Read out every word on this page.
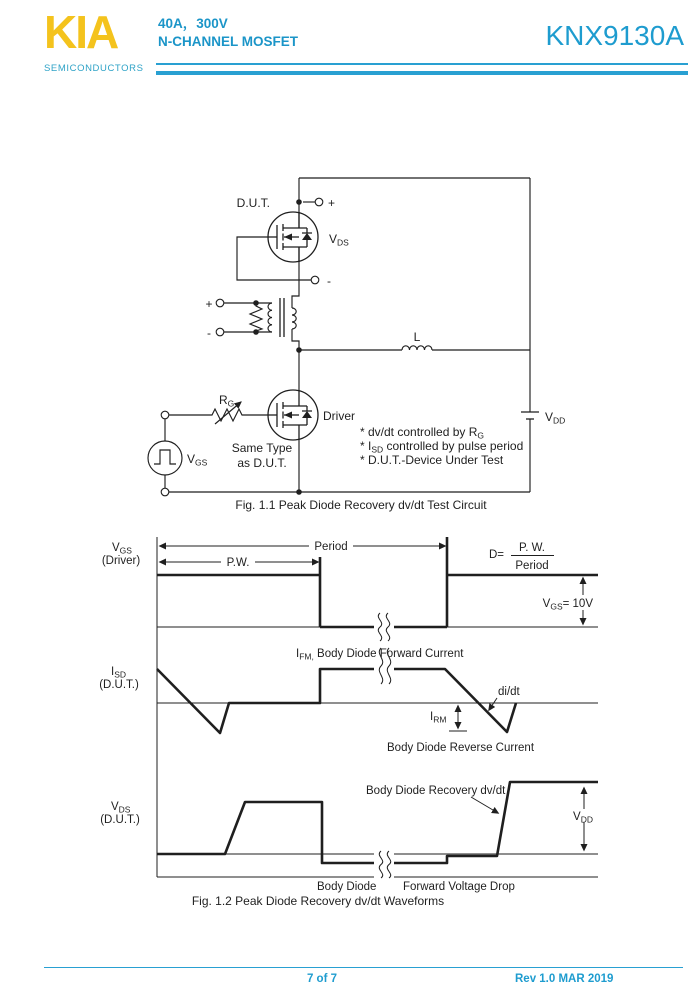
KIA
SEMICONDUCTORS
40A，300V
N-CHANNEL MOSFET	KNX9130A
D.U.T.	+
$V_{DS}$
-
+
-	L
$R_G$
Driver
Same Type
as D.U.T.
$V_{GS}$
$V_{DD}$
* dv/dt controlled by $R_G$
* $I_{SD}$ controlled by pulse period
* D.U.T.-Device Under Test
Fig. 1.1 Peak Diode Recovery dv/dt Test Circuit
$V_{GS}$
(Driver)	P.W.
Period
D=
P. W.
Period
$V_{GS}= 10V$
$I_{SD}$
(D.U.T.)
$I_{FM,}$ Body Diode Forward Current
di/dt
$I_{RM}$
Body Diode Reverse Current
$V_{DS}$
(D.U.T.)
Body Diode Recovery dv/dt
$V_{DD}$
Body Diode Forward Voltage Drop
Fig. 1.2 Peak Diode Recovery dv/dt Waveforms
7 of 7	Rev 1.0 MAR 2019
